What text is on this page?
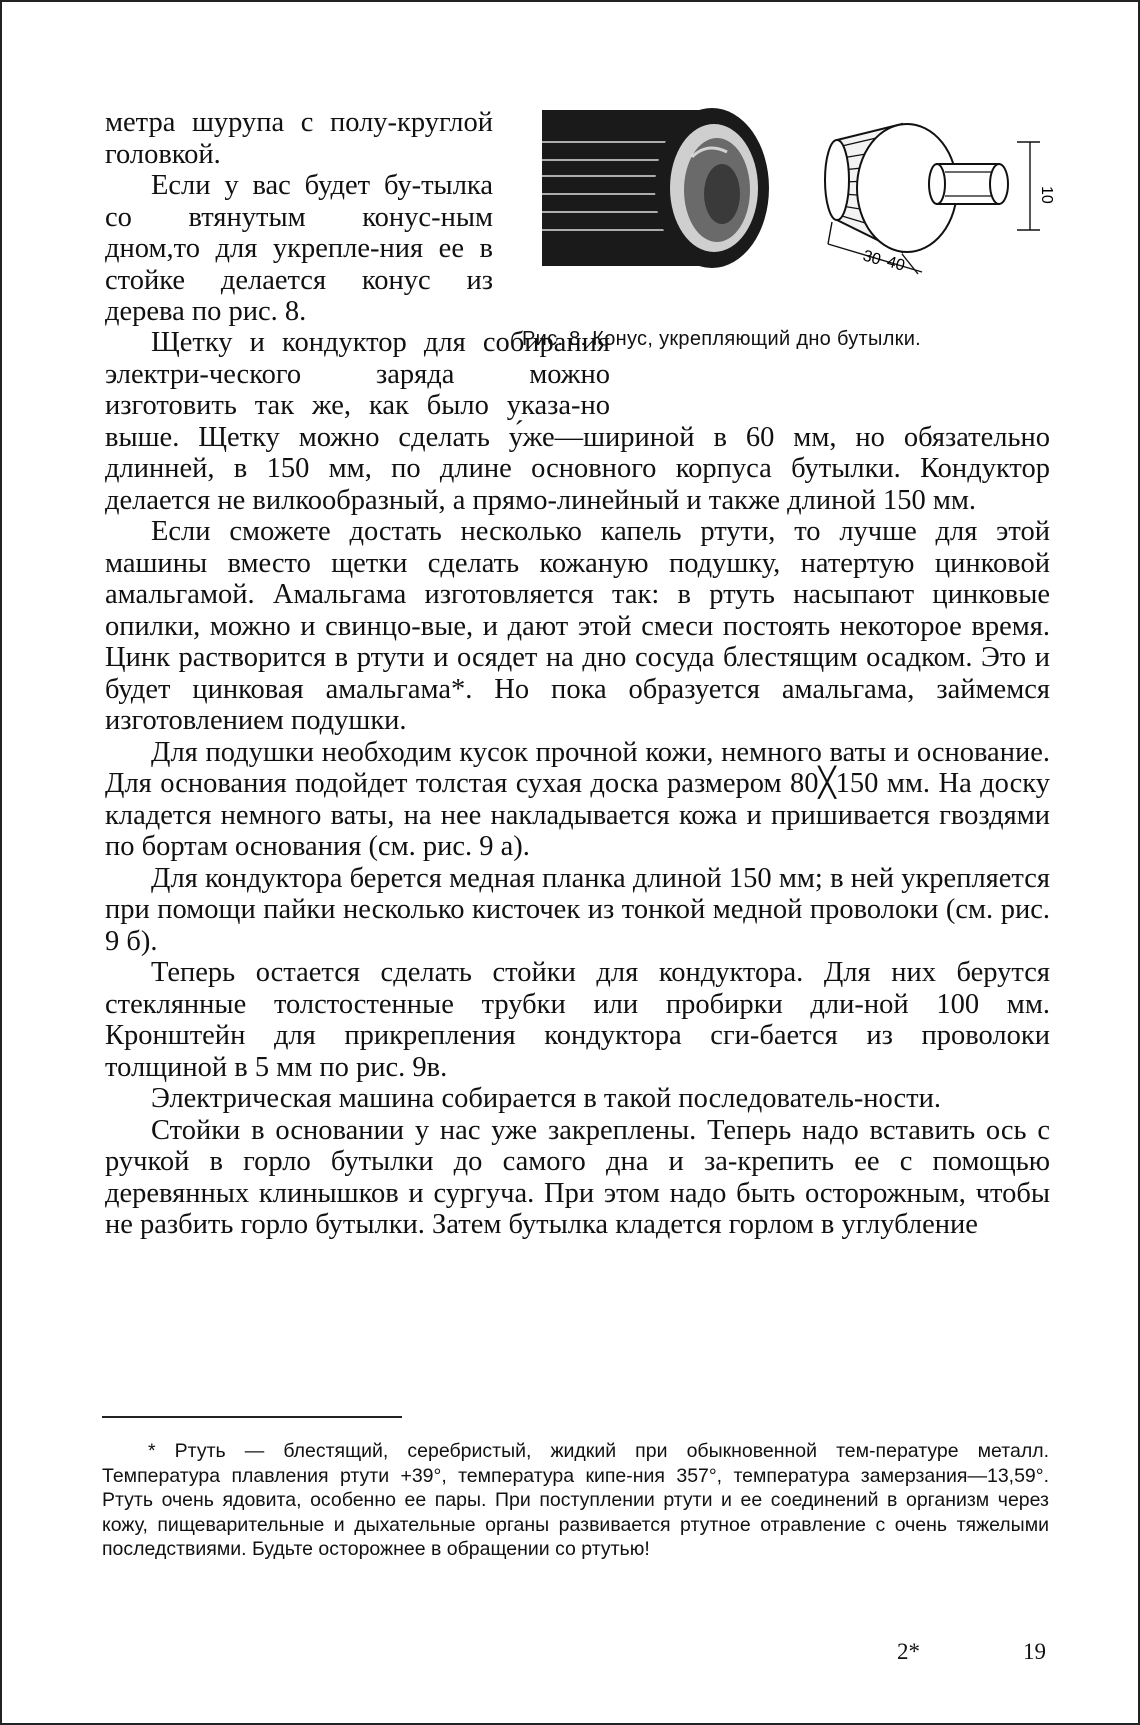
метра шурупа с полу-круглой головкой.

Если у вас будет бу-тылка со втянутым конус-ным дном,то для укрепле-ния ее в стойке делается конус из дерева по рис. 8.

30 40
10
Рис. 8. Конус, укрепляющий дно бутылки.

Щетку и кондуктор для собирания электри-ческого заряда можно изготовить так же, как было указа-но выше. Щетку можно сделать у́же—шириной в 60 мм, но обязательно длинней, в 150 мм, по длине основного корпуса бутылки. Кондуктор делается не вилкообразный, а прямо-линейный и также длиной 150 мм.

Если сможете достать несколько капель ртути, то лучше для этой машины вместо щетки сделать кожаную подушку, натертую цинковой амальгамой. Амальгама изготовляется так: в ртуть насыпают цинковые опилки, можно и свинцо-вые, и дают этой смеси постоять некоторое время. Цинк растворится в ртути и осядет на дно сосуда блестящим осадком. Это и будет цинковая амальгама*. Но пока образуется амальгама, займемся изготовлением подушки.

Для подушки необходим кусок прочной кожи, немного ваты и основание. Для основания подойдет толстая сухая доска размером 80╳150 мм. На доску кладется немного ваты, на нее накладывается кожа и пришивается гвоздями по бортам основания (см. рис. 9 а).

Для кондуктора берется медная планка длиной 150 мм; в ней укрепляется при помощи пайки несколько кисточек из тонкой медной проволоки (см. рис. 9 б).

Теперь остается сделать стойки для кондуктора. Для них берутся стеклянные толстостенные трубки или пробирки дли-ной 100 мм. Кронштейн для прикрепления кондуктора сги-бается из проволоки толщиной в 5 мм по рис. 9в.

Электрическая машина собирается в такой последователь-ности.

Стойки в основании у нас уже закреплены. Теперь надо вставить ось с ручкой в горло бутылки до самого дна и за-крепить ее с помощью деревянных клинышков и сургуча. При этом надо быть осторожным, чтобы не разбить горло бутылки. Затем бутылка кладется горлом в углубление

* Ртуть — блестящий, серебристый, жидкий при обыкновенной тем-пературе металл. Температура плавления ртути +39°, температура кипе-ния 357°, температура замерзания—13,59°. Ртуть очень ядовита, особенно ее пары. При поступлении ртути и ее соединений в организм через кожу, пищеварительные и дыхательные органы развивается ртутное отравление с очень тяжелыми последствиями. Будьте осторожнее в обращении со ртутью!
2*	19
